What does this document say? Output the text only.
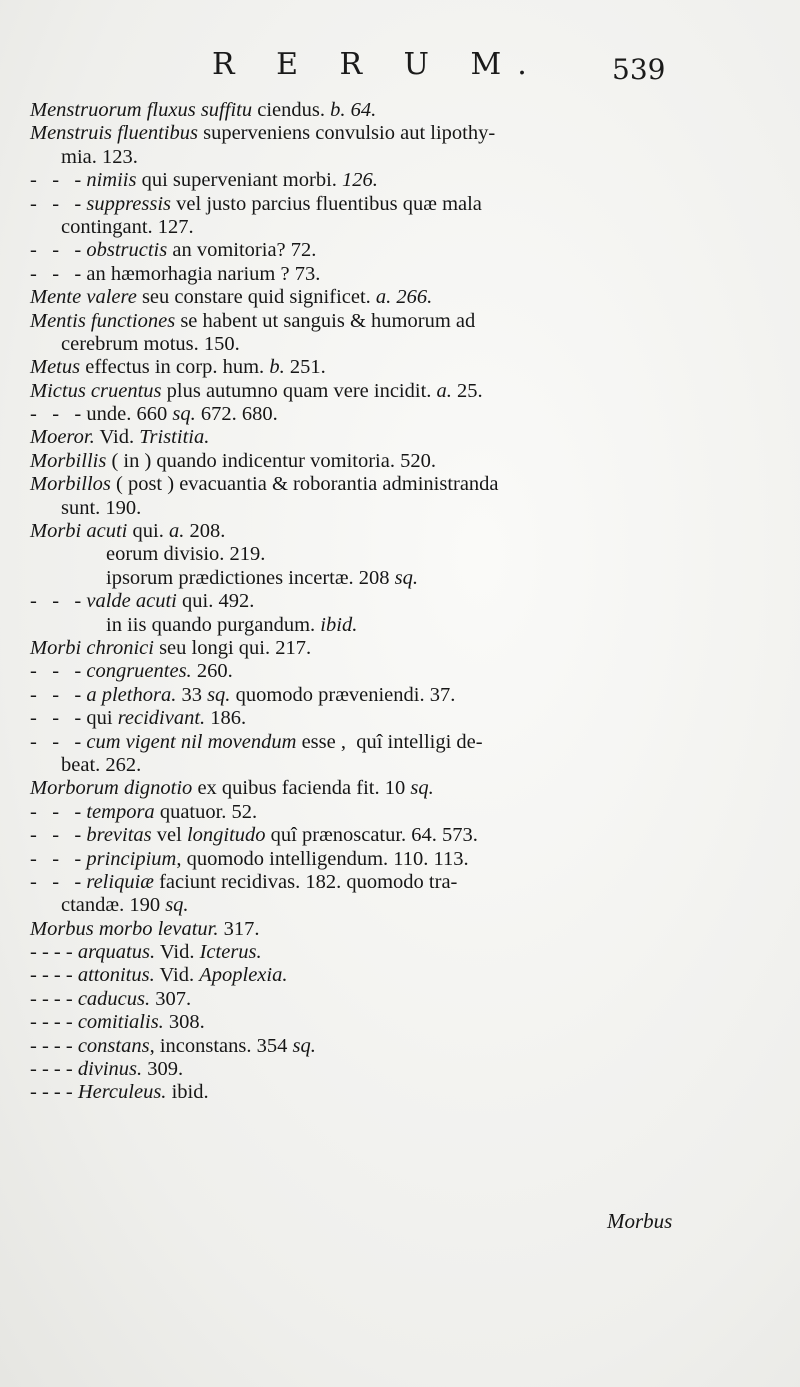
R E R U M. 539
Menstruorum fluxus suffitu ciendus. b. 64.
Menstruis fluentibus superveniens convulsio aut lipothy-
mia. 123.
-   -   - nimiis qui superveniant morbi. 126.
-   -   - suppressis vel justo parcius fluentibus quæ mala
contingant. 127.
-   -   - obstructis an vomitoria? 72.
-   -   - an hæmorhagia narium ? 73.
Mente valere seu constare quid significet. a. 266.
Mentis functiones se habent ut sanguis & humorum ad
cerebrum motus. 150.
Metus effectus in corp. hum. b. 251.
Mictus cruentus plus autumno quam vere incidit. a. 25.
-   -   - unde. 660 sq. 672. 680.
Moeror. Vid. Tristitia.
Morbillis ( in ) quando indicentur vomitoria. 520.
Morbillos ( post ) evacuantia & roborantia administranda
sunt. 190.
Morbi acuti qui. a. 208.
eorum divisio. 219.
ipsorum prædictiones incertæ. 208 sq.
-   -   - valde acuti qui. 492.
in iis quando purgandum. ibid.
Morbi chronici seu longi qui. 217.
-   -   - congruentes. 260.
-   -   - a plethora. 33 sq. quomodo præveniendi. 37.
-   -   - qui recidivant. 186.
-   -   - cum vigent nil movendum esse ,  quî intelligi de-
beat. 262.
Morborum dignotio ex quibus facienda fit. 10 sq.
-   -   - tempora quatuor. 52.
-   -   - brevitas vel longitudo quî prænoscatur. 64. 573.
-   -   - principium, quomodo intelligendum. 110. 113.
-   -   - reliquiæ faciunt recidivas. 182. quomodo tra-
ctandæ. 190 sq.
Morbus morbo levatur. 317.
- - - - arquatus. Vid. Icterus.
- - - - attonitus. Vid. Apoplexia.
- - - - caducus. 307.
- - - - comitialis. 308.
- - - - constans, inconstans. 354 sq.
- - - - divinus. 309.
- - - - Herculeus. ibid.
Morbus
